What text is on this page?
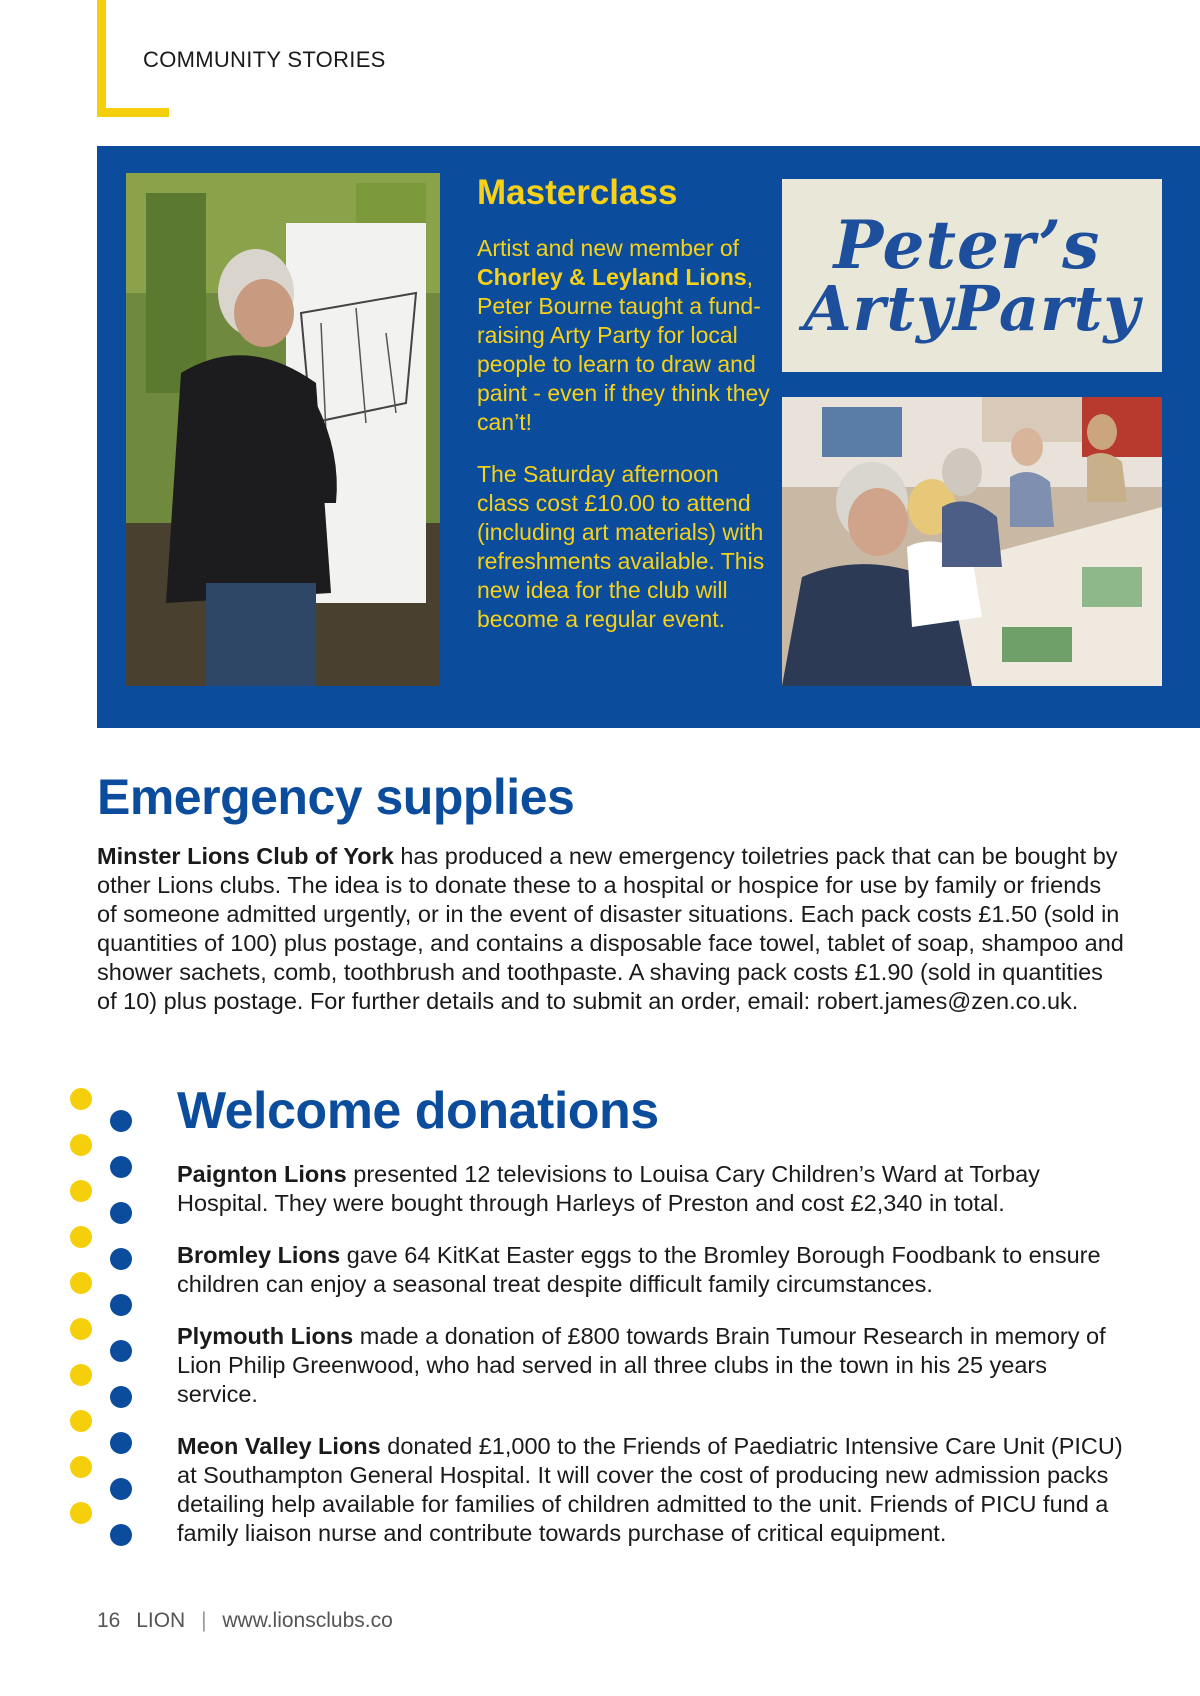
COMMUNITY STORIES
Masterclass
Artist and new member of Chorley & Leyland Lions, Peter Bourne taught a fund-raising Arty Party for local people to learn to draw and paint - even if they think they can’t!
The Saturday afternoon class cost £10.00 to attend (including art materials) with refreshments available. This new idea for the club will become a regular event.
Peter’s
ArtyParty
Emergency supplies
Minster Lions Club of York has produced a new emergency toiletries pack that can be bought by other Lions clubs. The idea is to donate these to a hospital or hospice for use by family or friends of someone admitted urgently, or in the event of disaster situations. Each pack costs £1.50 (sold in quantities of 100) plus postage, and contains a disposable face towel, tablet of soap, shampoo and shower sachets, comb, toothbrush and toothpaste. A shaving pack costs £1.90 (sold in quantities of 10) plus postage. For further details and to submit an order, email: robert.james@zen.co.uk.
Welcome donations
Paignton Lions presented 12 televisions to Louisa Cary Children’s Ward at Torbay Hospital. They were bought through Harleys of Preston and cost £2,340 in total.
Bromley Lions gave 64 KitKat Easter eggs to the Bromley Borough Foodbank to ensure children can enjoy a seasonal treat despite difficult family circumstances.
Plymouth Lions made a donation of £800 towards Brain Tumour Research in memory of Lion Philip Greenwood, who had served in all three clubs in the town in his 25 years service.
Meon Valley Lions donated £1,000 to the Friends of Paediatric Intensive Care Unit (PICU) at Southampton General Hospital. It will cover the cost of producing new admission packs detailing help available for families of children admitted to the unit. Friends of PICU fund a family liaison nurse and contribute towards purchase of critical equipment.
16 LION | www.lionsclubs.co
